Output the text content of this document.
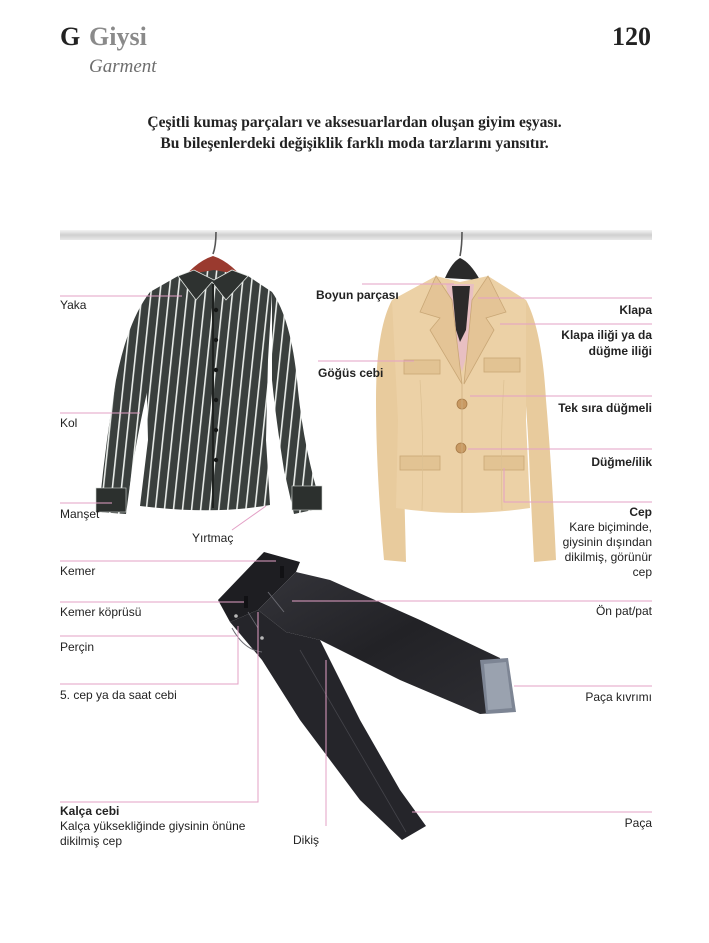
G Giysi
Garment
120
Çeşitli kumaş parçaları ve aksesuarlardan oluşan giyim eşyası.
Bu bileşenlerdeki değişiklik farklı moda tarzlarını yansıtır.
Yaka
Kol
Manşet
Yırtmaç
Kemer
Kemer köprüsü
Perçin
5. cep ya da saat cebi
Kalça cebi
Kalça yüksekliğinde giysinin önüne
dikilmiş cep	Dikiş
Boyun parçası
Göğüs cebi
Klapa
Klapa iliği ya da
düğme iliği
Tek sıra düğmeli
Düğme/ilik
Cep
Kare biçiminde,
giysinin dışından
dikilmiş, görünür
cep
Ön pat/pat
Paça kıvrımı
Paça
